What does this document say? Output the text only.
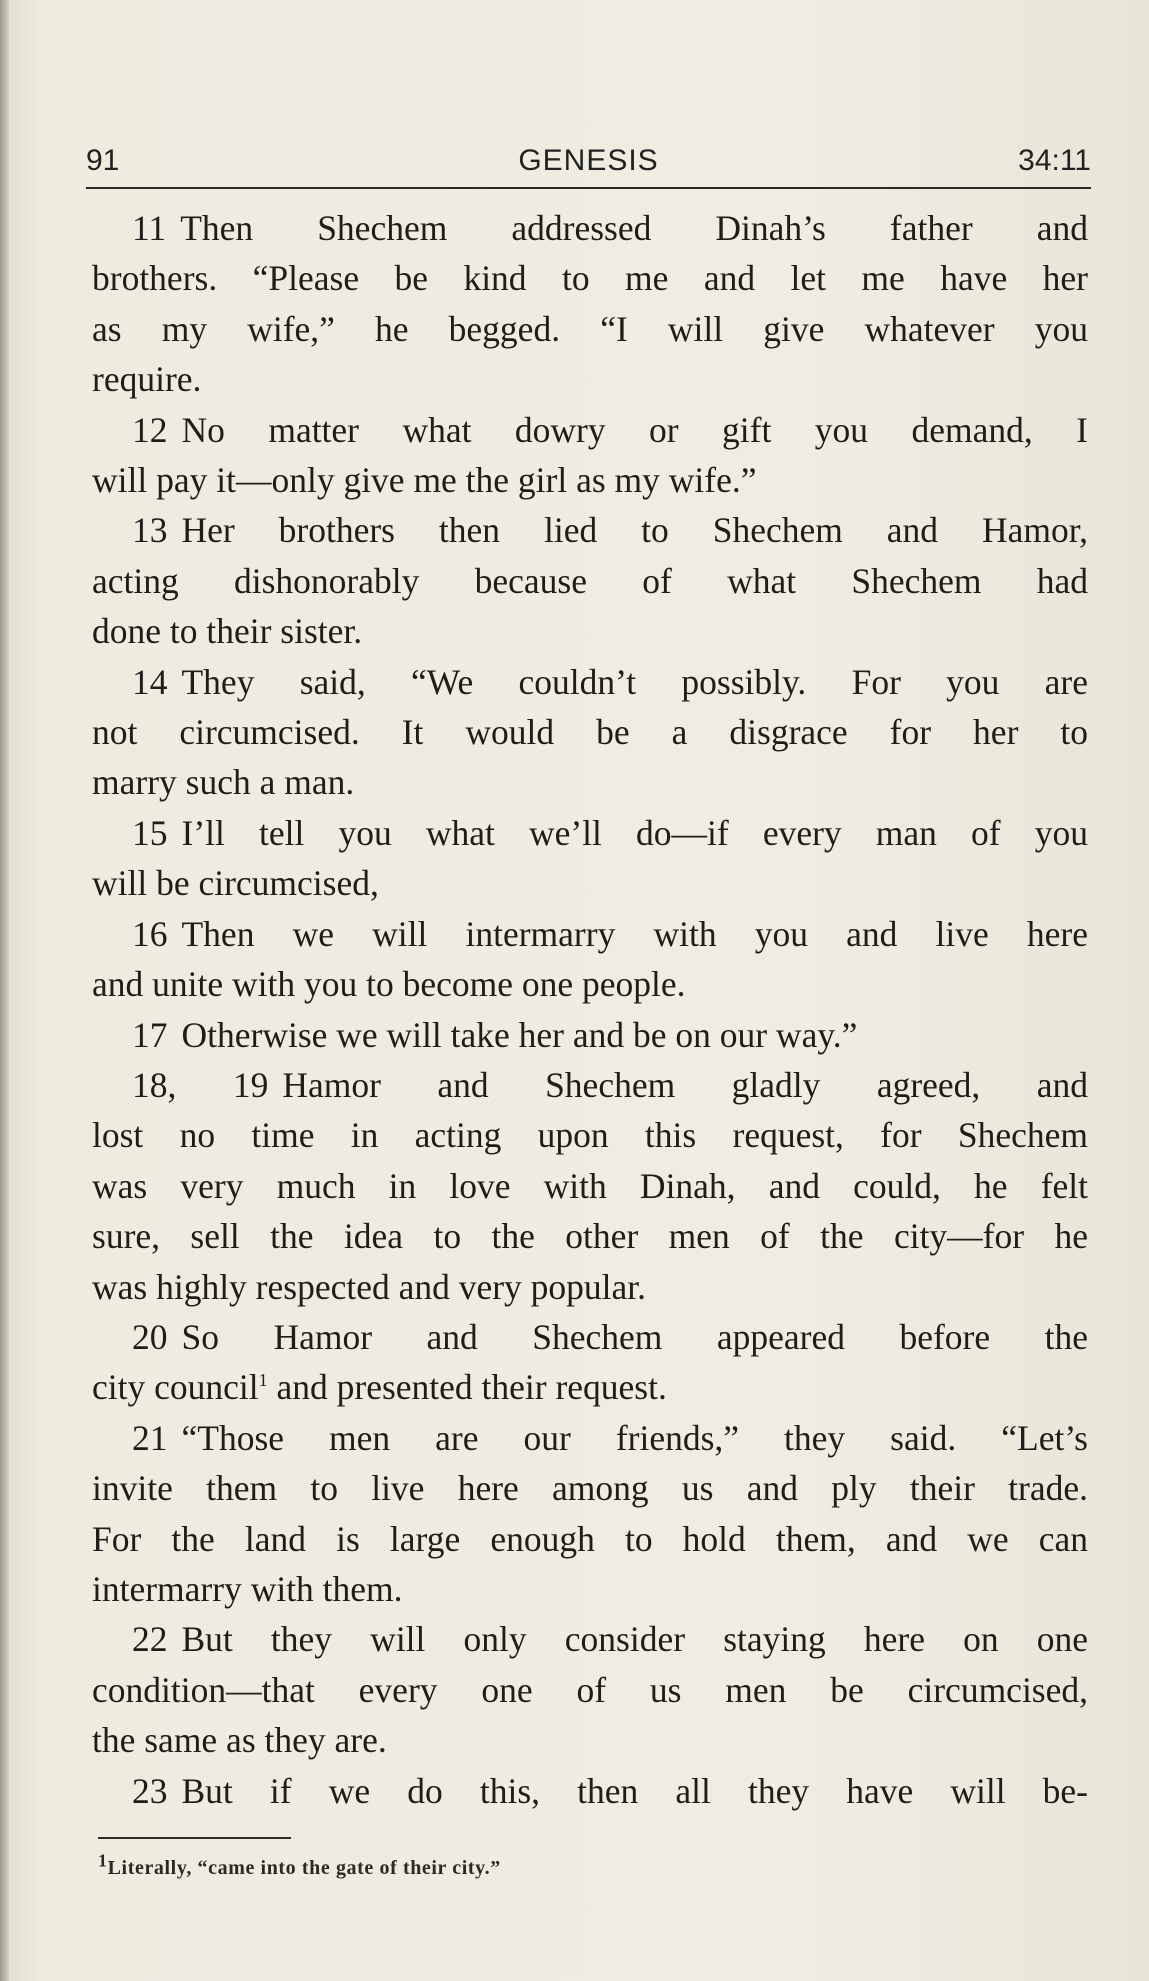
91	GENESIS	34:11
11 Then Shechem addressed Dinah’s father and
brothers. “Please be kind to me and let me have her
as my wife,” he begged. “I will give whatever you
require.
12 No matter what dowry or gift you demand, I
will pay it—only give me the girl as my wife.”
13 Her brothers then lied to Shechem and Hamor,
acting dishonorably because of what Shechem had
done to their sister.
14 They said, “We couldn’t possibly. For you are
not circumcised. It would be a disgrace for her to
marry such a man.
15 I’ll tell you what we’ll do—if every man of you
will be circumcised,
16 Then we will intermarry with you and live here
and unite with you to become one people.
17 Otherwise we will take her and be on our way.”
18, 19 Hamor and Shechem gladly agreed, and
lost no time in acting upon this request, for Shechem
was very much in love with Dinah, and could, he felt
sure, sell the idea to the other men of the city—for he
was highly respected and very popular.
20 So Hamor and Shechem appeared before the
city council$^1$ and presented their request.
21 “Those men are our friends,” they said. “Let’s
invite them to live here among us and ply their trade.
For the land is large enough to hold them, and we can
intermarry with them.
22 But they will only consider staying here on one
condition—that every one of us men be circumcised,
the same as they are.
23 But if we do this, then all they have will be-
$^1$Literally, “came into the gate of their city.”
